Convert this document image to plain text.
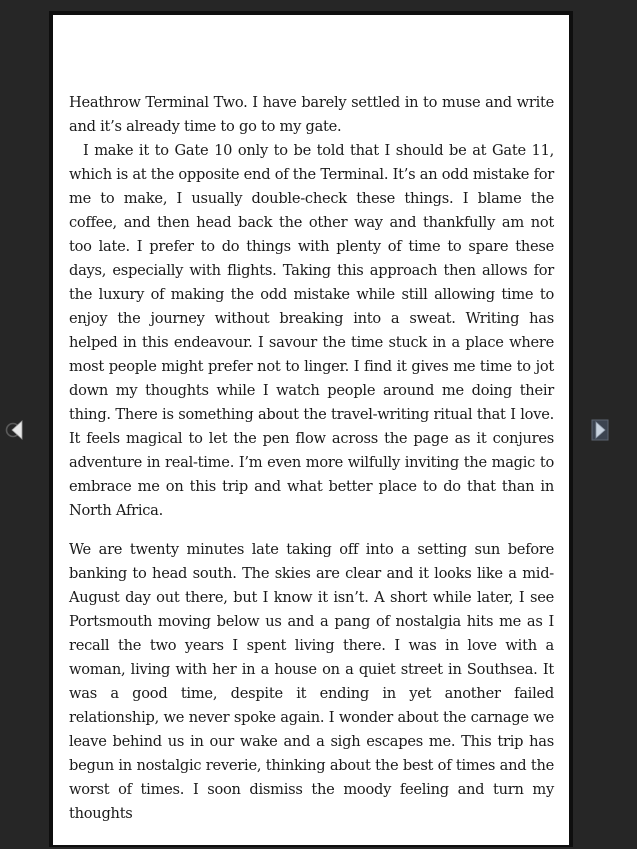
Heathrow Terminal Two. I have barely settled in to muse and write and it’s already time to go to my gate.

I make it to Gate 10 only to be told that I should be at Gate 11, which is at the opposite end of the Terminal. It’s an odd mistake for me to make, I usually double-check these things. I blame the coffee, and then head back the other way and thankfully am not too late. I prefer to do things with plenty of time to spare these days, especially with flights. Taking this approach then allows for the luxury of making the odd mistake while still allowing time to enjoy the journey without breaking into a sweat. Writing has helped in this endeavour. I savour the time stuck in a place where most people might prefer not to linger. I find it gives me time to jot down my thoughts while I watch people around me doing their thing. There is something about the travel-writing ritual that I love. It feels magical to let the pen flow across the page as it conjures adventure in real-time. I’m even more wilfully inviting the magic to embrace me on this trip and what better place to do that than in North Africa.

We are twenty minutes late taking off into a setting sun before banking to head south. The skies are clear and it looks like a mid-August day out there, but I know it isn’t. A short while later, I see Portsmouth moving below us and a pang of nostalgia hits me as I recall the two years I spent living there. I was in love with a woman, living with her in a house on a quiet street in Southsea. It was a good time, despite it ending in yet another failed relationship, we never spoke again. I wonder about the carnage we leave behind us in our wake and a sigh escapes me. This trip has begun in nostalgic reverie, thinking about the best of times and the worst of times. I soon dismiss the moody feeling and turn my thoughts
